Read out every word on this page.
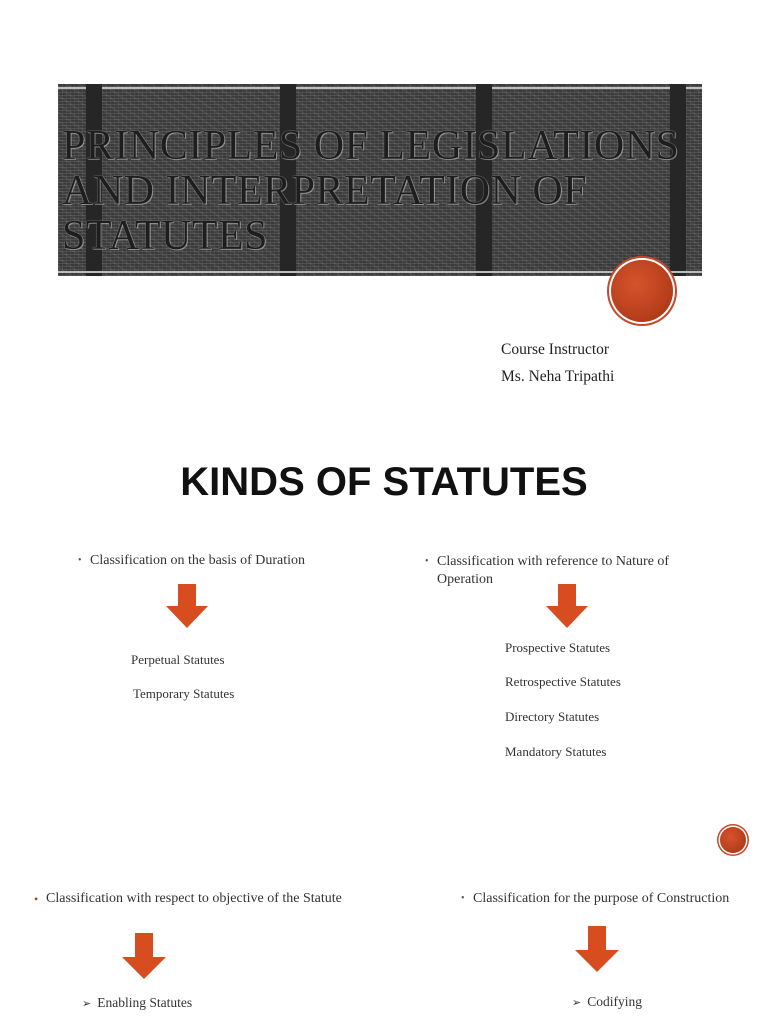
PRINCIPLES OF LEGISLATIONS AND INTERPRETATION OF STATUTES
Course Instructor
Ms. Neha Tripathi
KINDS OF STATUTES
• Classification on the basis of Duration
Perpetual Statutes
Temporary Statutes
• Classification with reference to Nature of Operation
Prospective Statutes
Retrospective Statutes
Directory Statutes
Mandatory Statutes
• Classification with respect to objective of the Statute
➢ Enabling Statutes
• Classification for the purpose of Construction
➢ Codifying
